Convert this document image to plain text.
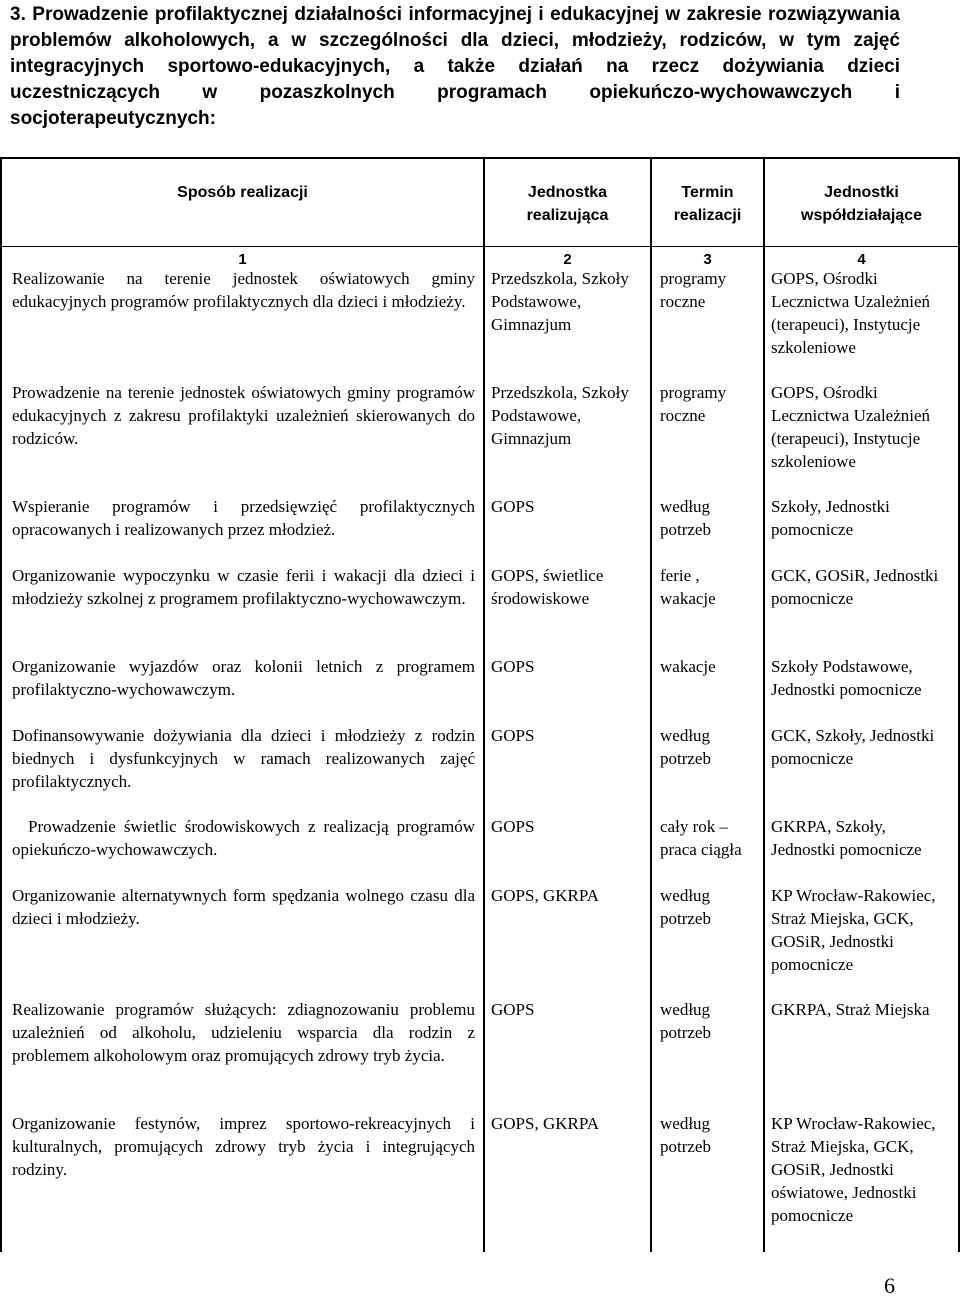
3. Prowadzenie profilaktycznej działalności informacyjnej i edukacyjnej w zakresie rozwiązywania problemów alkoholowych, a w szczególności dla dzieci, młodzieży, rodziców, w tym zajęć integracyjnych sportowo-edukacyjnych, a także działań na rzecz dożywiania dzieci uczestniczących w pozaszkolnych programach opiekuńczo-wychowawczych i socjoterapeutycznych:
Sposób realizacji	Jednostka realizująca	Termin realizacji	Jednostki współdziałające
1	2	3	4
Realizowanie na terenie jednostek oświatowych gminy edukacyjnych programów profilaktycznych dla dzieci i młodzieży.	Przedszkola, Szkoły Podstawowe, Gimnazjum	programy roczne	GOPS, Ośrodki Lecznictwa Uzależnień (terapeuci), Instytucje szkoleniowe
Prowadzenie na terenie jednostek oświatowych gminy programów edukacyjnych z zakresu profilaktyki uzależnień skierowanych do rodziców.	Przedszkola, Szkoły Podstawowe, Gimnazjum	programy roczne	GOPS, Ośrodki Lecznictwa Uzależnień (terapeuci), Instytucje szkoleniowe
Wspieranie programów i przedsięwzięć profilaktycznych opracowanych i realizowanych przez młodzież.	GOPS	według potrzeb	Szkoły, Jednostki pomocnicze
Organizowanie wypoczynku w czasie ferii i wakacji dla dzieci i młodzieży szkolnej z programem profilaktyczno-wychowawczym.	GOPS, świetlice środowiskowe	ferie , wakacje	GCK, GOSiR, Jednostki pomocnicze
Organizowanie wyjazdów oraz kolonii letnich z programem profilaktyczno-wychowawczym.	GOPS	wakacje	Szkoły Podstawowe, Jednostki pomocnicze
Dofinansowywanie dożywiania dla dzieci i młodzieży z rodzin biednych i dysfunkcyjnych w ramach realizowanych zajęć profilaktycznych.	GOPS	według potrzeb	GCK, Szkoły, Jednostki pomocnicze
Prowadzenie świetlic środowiskowych z realizacją programów opiekuńczo-wychowawczych.	GOPS	cały rok – praca ciągła	GKRPA, Szkoły, Jednostki pomocnicze
Organizowanie alternatywnych form spędzania wolnego czasu dla dzieci i młodzieży.	GOPS, GKRPA	według potrzeb	KP Wrocław-Rakowiec, Straż Miejska, GCK, GOSiR, Jednostki pomocnicze
Realizowanie programów służących: zdiagnozowaniu problemu uzależnień od alkoholu, udzieleniu wsparcia dla rodzin z problemem alkoholowym oraz promujących zdrowy tryb życia.	GOPS	według potrzeb	GKRPA, Straż Miejska
Organizowanie festynów, imprez sportowo-rekreacyjnych i kulturalnych, promujących zdrowy tryb życia i integrujących rodziny.	GOPS, GKRPA	według potrzeb	KP Wrocław-Rakowiec, Straż Miejska, GCK, GOSiR, Jednostki oświatowe, Jednostki pomocnicze
6
